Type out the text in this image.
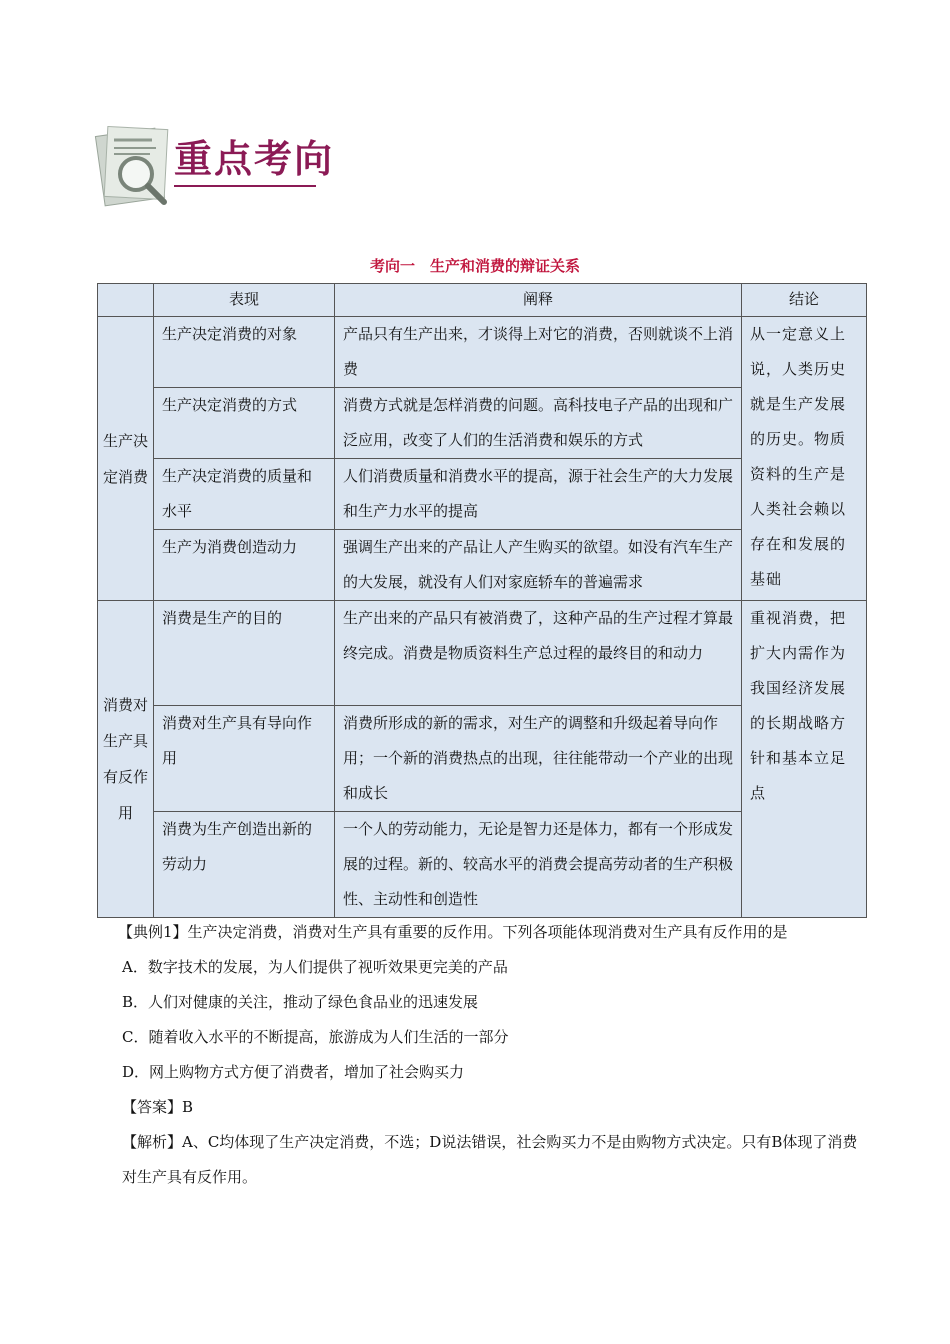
重点考向
考向一　生产和消费的辩证关系
	表现	阐释	结论
生产决定消费	生产决定消费的对象	产品只有生产出来，才谈得上对它的消费，否则就谈不上消费	从一定意义上说，人类历史就是生产发展的历史。物质资料的生产是人类社会赖以存在和发展的基础
	生产决定消费的方式	消费方式就是怎样消费的问题。高科技电子产品的出现和广泛应用，改变了人们的生活消费和娱乐的方式	
	生产决定消费的质量和水平	人们消费质量和消费水平的提高，源于社会生产的大力发展和生产力水平的提高	
	生产为消费创造动力	强调生产出来的产品让人产生购买的欲望。如没有汽车生产的大发展，就没有人们对家庭轿车的普遍需求	
消费对生产具有反作用	消费是生产的目的	生产出来的产品只有被消费了，这种产品的生产过程才算最终完成。消费是物质资料生产总过程的最终目的和动力	重视消费，把扩大内需作为我国经济发展的长期战略方针和基本立足点
	消费对生产具有导向作用	消费所形成的新的需求，对生产的调整和升级起着导向作用；一个新的消费热点的出现，往往能带动一个产业的出现和成长	
	消费为生产创造出新的劳动力	一个人的劳动能力，无论是智力还是体力，都有一个形成发展的过程。新的、较高水平的消费会提高劳动者的生产积极性、主动性和创造性	

【典例1】生产决定消费，消费对生产具有重要的反作用。下列各项能体现消费对生产具有反作用的是

A．数字技术的发展，为人们提供了视听效果更完美的产品

B．人们对健康的关注，推动了绿色食品业的迅速发展

C．随着收入水平的不断提高，旅游成为人们生活的一部分

D．网上购物方式方便了消费者，增加了社会购买力

【答案】B

【解析】A、C均体现了生产决定消费，不选；D说法错误，社会购买力不是由购物方式决定。只有B体现了消费对生产具有反作用。
